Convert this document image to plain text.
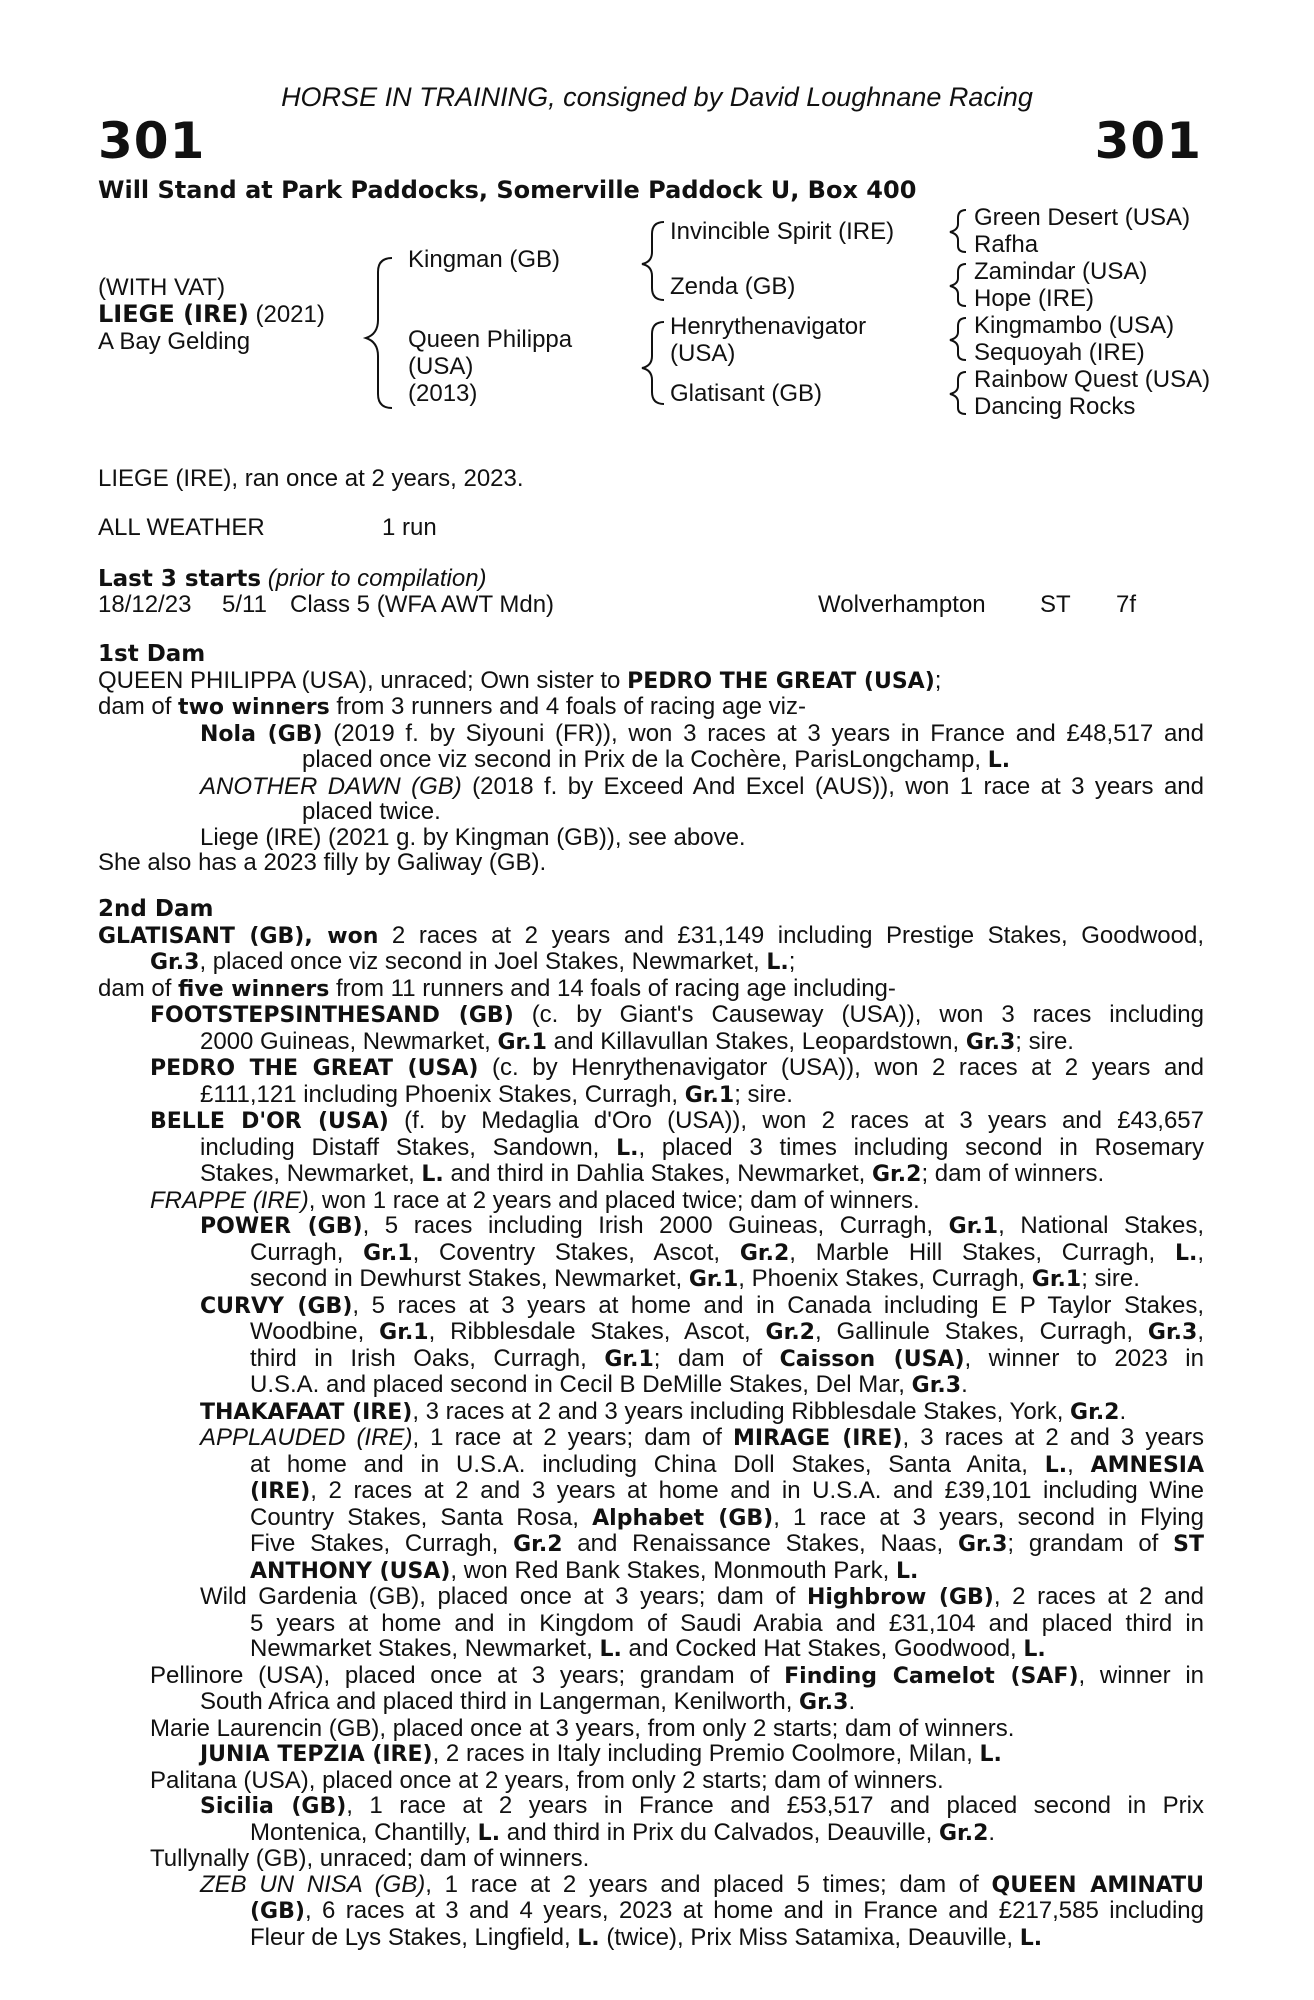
HORSE IN TRAINING, consigned by David Loughnane Racing
301	301
Will Stand at Park Paddocks, Somerville Paddock U, Box 400
(WITH VAT)
LIEGE (IRE) (2021)
A Bay Gelding
Kingman (GB)
Queen Philippa
(USA)
(2013)
Invincible Spirit (IRE)
Zenda (GB)
Henrythenavigator
(USA)
Glatisant (GB)
Green Desert (USA)
Rafha
Zamindar (USA)
Hope (IRE)
Kingmambo (USA)
Sequoyah (IRE)
Rainbow Quest (USA)
Dancing Rocks
LIEGE (IRE), ran once at 2 years, 2023.
ALL WEATHER	1 run
Last 3 starts (prior to compilation)
18/12/23 5/11 Class 5 (WFA AWT Mdn)	Wolverhampton ST 7f
1st Dam
QUEEN PHILIPPA (USA), unraced; Own sister to PEDRO THE GREAT (USA);
dam of two winners from 3 runners and 4 foals of racing age viz-
Nola (GB) (2019 f. by Siyouni (FR)), won 3 races at 3 years in France and £48,517 and
placed once viz second in Prix de la Cochère, ParisLongchamp, L.
ANOTHER DAWN (GB) (2018 f. by Exceed And Excel (AUS)), won 1 race at 3 years and
placed twice.
Liege (IRE) (2021 g. by Kingman (GB)), see above.
She also has a 2023 filly by Galiway (GB).
2nd Dam
GLATISANT (GB), won 2 races at 2 years and £31,149 including Prestige Stakes, Goodwood,
Gr.3, placed once viz second in Joel Stakes, Newmarket, L.;
dam of five winners from 11 runners and 14 foals of racing age including-
FOOTSTEPSINTHESAND (GB) (c. by Giant's Causeway (USA)), won 3 races including
2000 Guineas, Newmarket, Gr.1 and Killavullan Stakes, Leopardstown, Gr.3; sire.
PEDRO THE GREAT (USA) (c. by Henrythenavigator (USA)), won 2 races at 2 years and
£111,121 including Phoenix Stakes, Curragh, Gr.1; sire.
BELLE D'OR (USA) (f. by Medaglia d'Oro (USA)), won 2 races at 3 years and £43,657
including Distaff Stakes, Sandown, L., placed 3 times including second in Rosemary
Stakes, Newmarket, L. and third in Dahlia Stakes, Newmarket, Gr.2; dam of winners.
FRAPPE (IRE), won 1 race at 2 years and placed twice; dam of winners.
POWER (GB), 5 races including Irish 2000 Guineas, Curragh, Gr.1, National Stakes,
Curragh, Gr.1, Coventry Stakes, Ascot, Gr.2, Marble Hill Stakes, Curragh, L.,
second in Dewhurst Stakes, Newmarket, Gr.1, Phoenix Stakes, Curragh, Gr.1; sire.
CURVY (GB), 5 races at 3 years at home and in Canada including E P Taylor Stakes,
Woodbine, Gr.1, Ribblesdale Stakes, Ascot, Gr.2, Gallinule Stakes, Curragh, Gr.3,
third in Irish Oaks, Curragh, Gr.1; dam of Caisson (USA), winner to 2023 in
U.S.A. and placed second in Cecil B DeMille Stakes, Del Mar, Gr.3.
THAKAFAAT (IRE), 3 races at 2 and 3 years including Ribblesdale Stakes, York, Gr.2.
APPLAUDED (IRE), 1 race at 2 years; dam of MIRAGE (IRE), 3 races at 2 and 3 years
at home and in U.S.A. including China Doll Stakes, Santa Anita, L., AMNESIA
(IRE), 2 races at 2 and 3 years at home and in U.S.A. and £39,101 including Wine
Country Stakes, Santa Rosa, Alphabet (GB), 1 race at 3 years, second in Flying
Five Stakes, Curragh, Gr.2 and Renaissance Stakes, Naas, Gr.3; grandam of ST
ANTHONY (USA), won Red Bank Stakes, Monmouth Park, L.
Wild Gardenia (GB), placed once at 3 years; dam of Highbrow (GB), 2 races at 2 and
5 years at home and in Kingdom of Saudi Arabia and £31,104 and placed third in
Newmarket Stakes, Newmarket, L. and Cocked Hat Stakes, Goodwood, L.
Pellinore (USA), placed once at 3 years; grandam of Finding Camelot (SAF), winner in
South Africa and placed third in Langerman, Kenilworth, Gr.3.
Marie Laurencin (GB), placed once at 3 years, from only 2 starts; dam of winners.
JUNIA TEPZIA (IRE), 2 races in Italy including Premio Coolmore, Milan, L.
Palitana (USA), placed once at 2 years, from only 2 starts; dam of winners.
Sicilia (GB), 1 race at 2 years in France and £53,517 and placed second in Prix
Montenica, Chantilly, L. and third in Prix du Calvados, Deauville, Gr.2.
Tullynally (GB), unraced; dam of winners.
ZEB UN NISA (GB), 1 race at 2 years and placed 5 times; dam of QUEEN AMINATU
(GB), 6 races at 3 and 4 years, 2023 at home and in France and £217,585 including
Fleur de Lys Stakes, Lingfield, L. (twice), Prix Miss Satamixa, Deauville, L.
